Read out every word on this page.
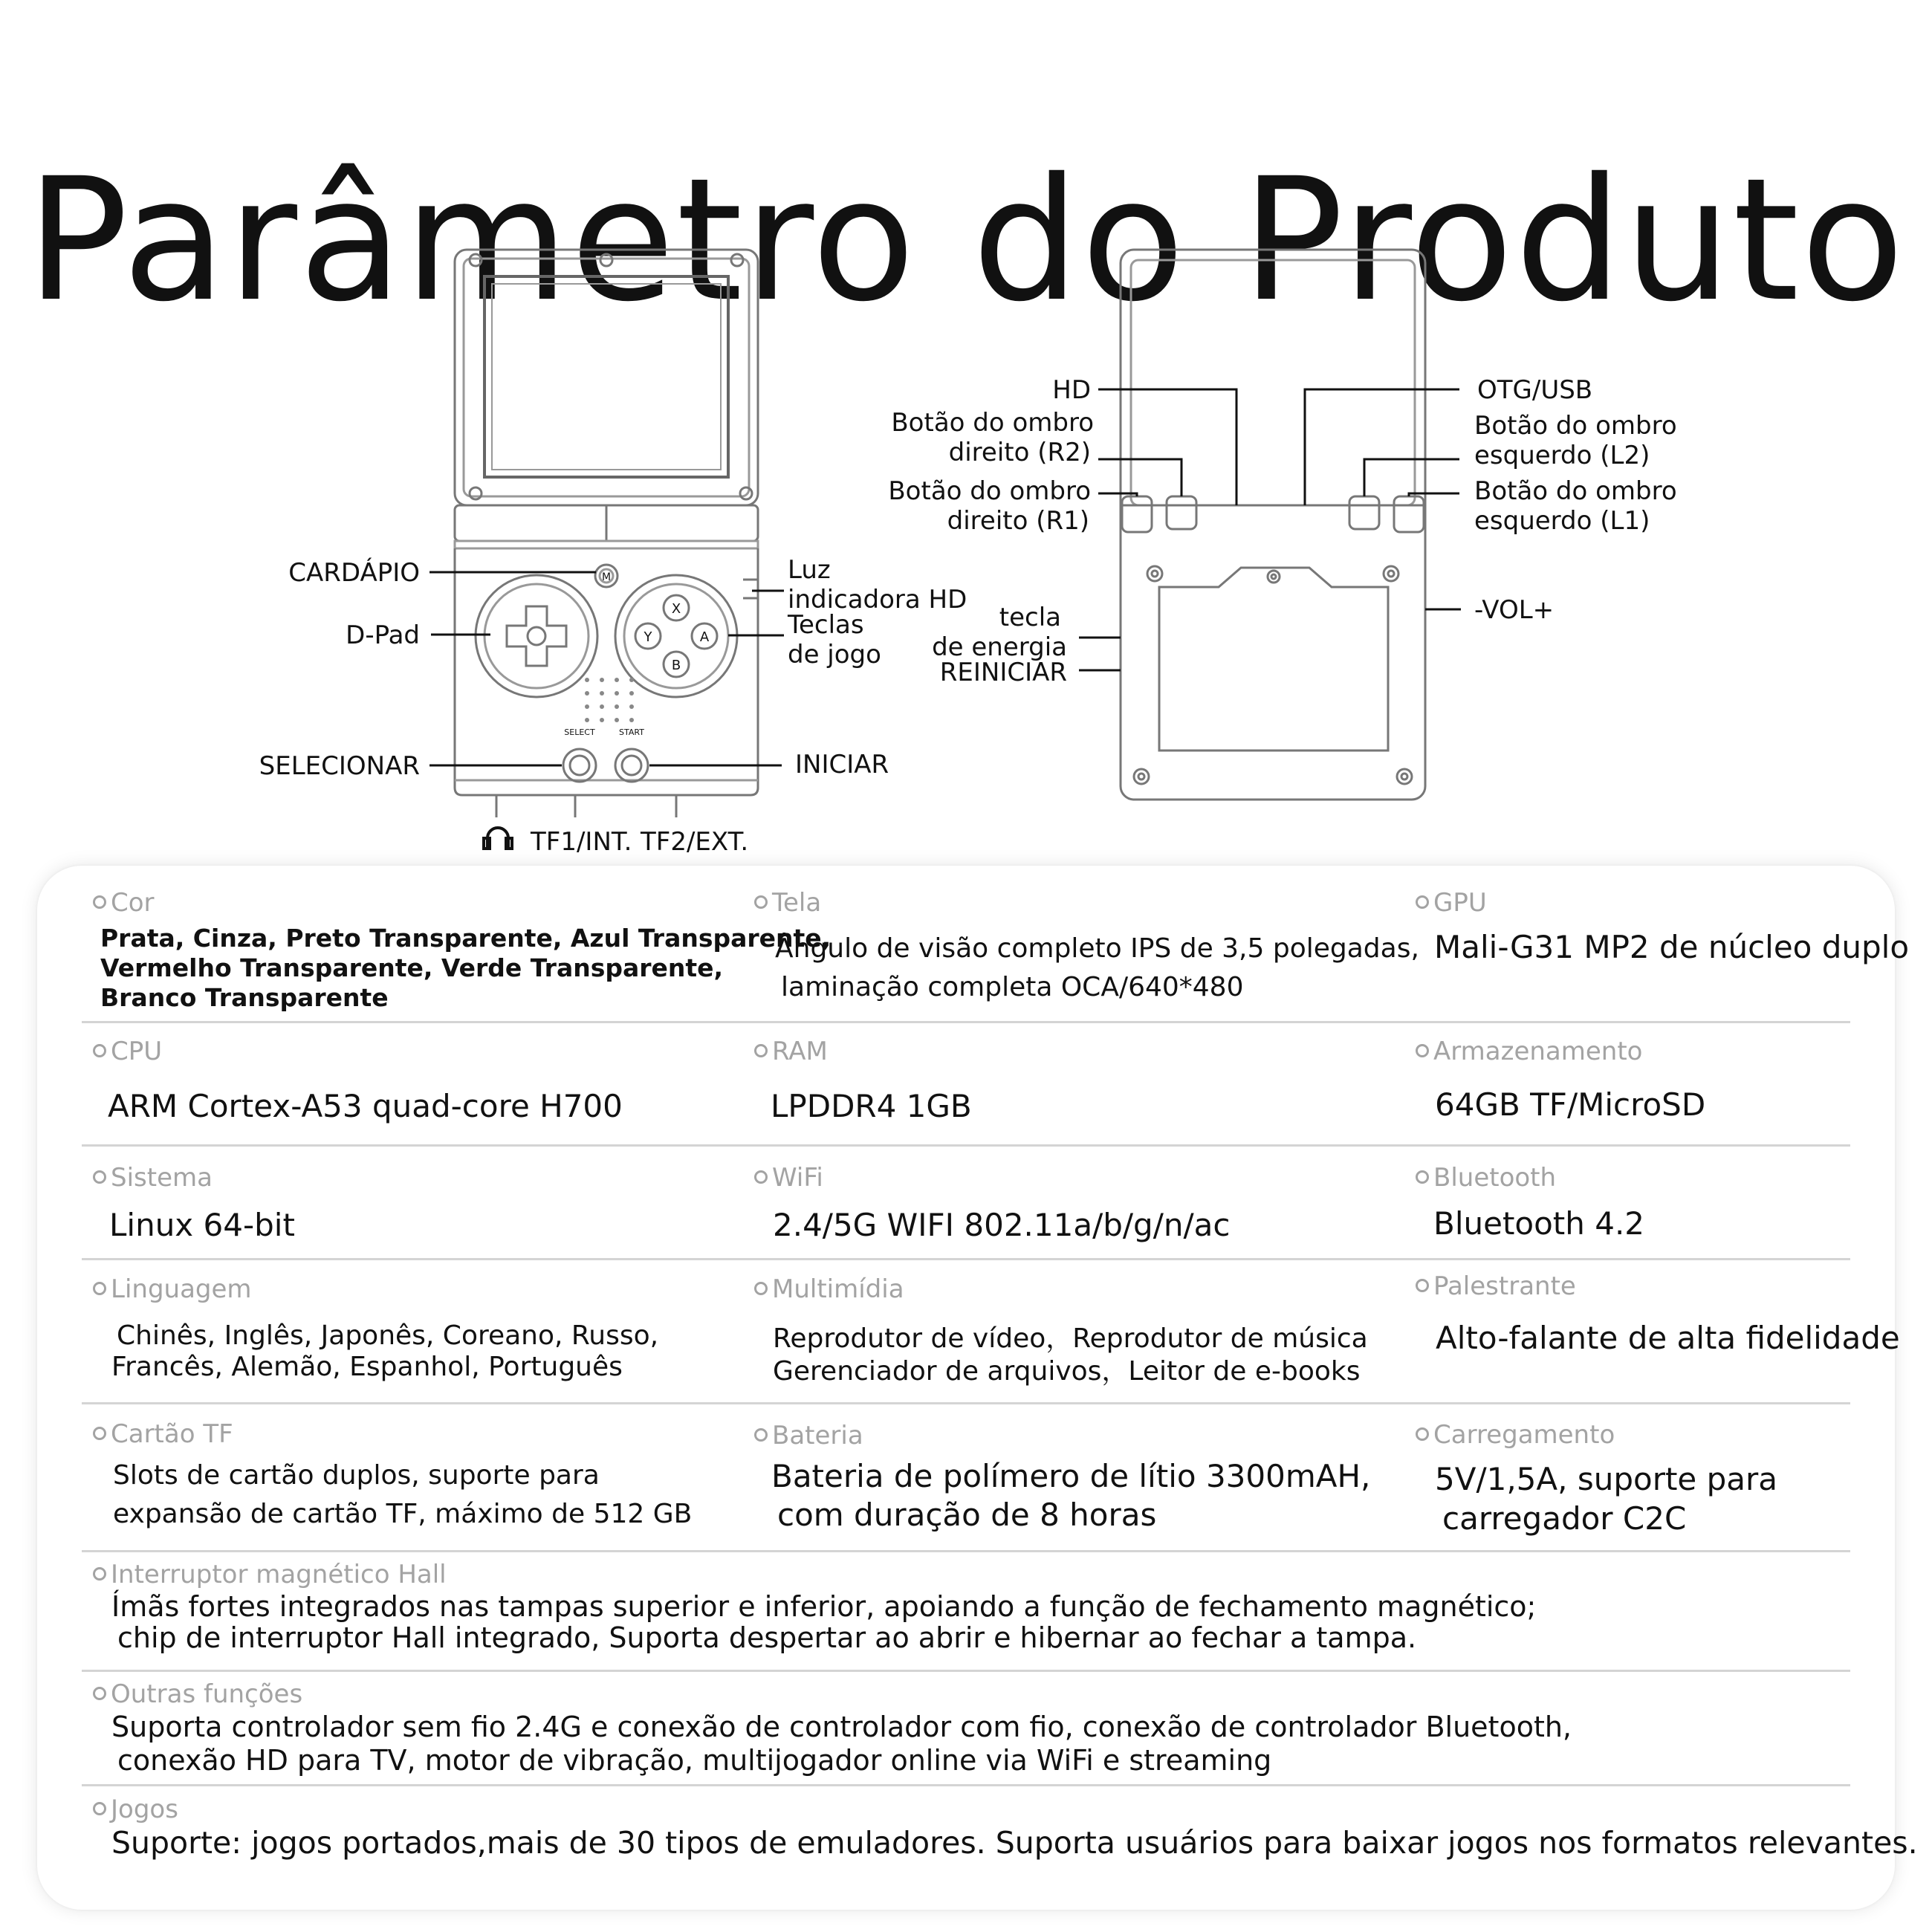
Parâmetro do Produto
M
X
Y	A
B
SELECT	START
CARDÁPIO
D-Pad
SELECIONAR
Luz
indicadora HD
Teclas
de jogo
INICIAR
TF1/INT. TF2/EXT.
HD
Botão do ombro
direito (R2)
Botão do ombro
direito (R1)
OTG/USB
Botão do ombro
esquerdo (L2)
Botão do ombro
esquerdo (L1)
-VOL+
tecla
de energia
REINICIAR
Cor
Prata, Cinza, Preto Transparente, Azul Transparente,
Vermelho Transparente, Verde Transparente,
Branco Transparente
Tela
Ângulo de visão completo IPS de 3,5 polegadas,
laminação completa OCA/640*480
GPU
Mali-G31 MP2 de núcleo duplo
CPU
ARM Cortex-A53 quad-core H700
RAM
LPDDR4 1GB
Armazenamento
64GB TF/MicroSD
Sistema
Linux 64-bit
WiFi
2.4/5G WIFI 802.11a/b/g/n/ac
Bluetooth
Bluetooth 4.2
Linguagem
Chinês, Inglês, Japonês, Coreano, Russo,
Francês, Alemão, Espanhol, Português
Multimídia
Reprodutor de vídeo，Reprodutor de música
Gerenciador de arquivos，Leitor de e-books
Palestrante
Alto-falante de alta fidelidade
Cartão TF
Slots de cartão duplos, suporte para
expansão de cartão TF, máximo de 512 GB
Bateria
Bateria de polímero de lítio 3300mAH,
com duração de 8 horas
Carregamento
5V/1,5A, suporte para
carregador C2C
Interruptor magnético Hall
Ímãs fortes integrados nas tampas superior e inferior, apoiando a função de fechamento magnético;
chip de interruptor Hall integrado, Suporta despertar ao abrir e hibernar ao fechar a tampa.
Outras funções
Suporta controlador sem fio 2.4G e conexão de controlador com fio, conexão de controlador Bluetooth,
conexão HD para TV, motor de vibração, multijogador online via WiFi e streaming
Jogos
Suporte: jogos portados,mais de 30 tipos de emuladores. Suporta usuários para baixar jogos nos formatos relevantes.
